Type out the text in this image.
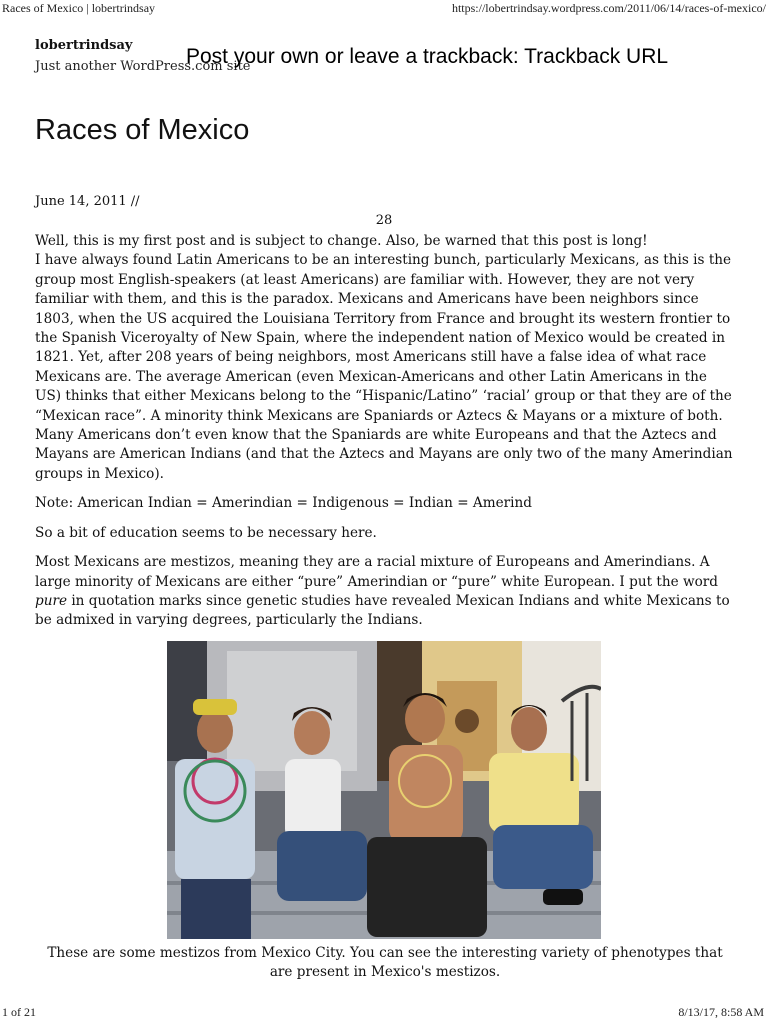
Races of Mexico | lobertrindsay	https://lobertrindsay.wordpress.com/2011/06/14/races-of-mexico/
lobertrindsay
Just another WordPress.com site
Post your own or leave a trackback: Trackback URL
Races of Mexico
June 14, 2011 //
28

Well, this is my first post and is subject to change. Also, be warned that this post is long!

I have always found Latin Americans to be an interesting bunch, particularly Mexicans, as this is the group most English-speakers (at least Americans) are familiar with. However, they are not very familiar with them, and this is the paradox. Mexicans and Americans have been neighbors since 1803, when the US acquired the Louisiana Territory from France and brought its western frontier to the Spanish Viceroyalty of New Spain, where the independent nation of Mexico would be created in 1821. Yet, after 208 years of being neighbors, most Americans still have a false idea of what race Mexicans are. The average American (even Mexican-Americans and other Latin Americans in the US) thinks that either Mexicans belong to the “Hispanic/Latino” ‘racial’ group or that they are of the “Mexican race”. A minority think Mexicans are Spaniards or Aztecs & Mayans or a mixture of both. Many Americans don’t even know that the Spaniards are white Europeans and that the Aztecs and Mayans are American Indians (and that the Aztecs and Mayans are only two of the many Amerindian groups in Mexico).

Note: American Indian = Amerindian = Indigenous = Indian = Amerind

So a bit of education seems to be necessary here.

Most Mexicans are mestizos, meaning they are a racial mixture of Europeans and Amerindians. A large minority of Mexicans are either “pure” Amerindian or “pure” white European. I put the word pure in quotation marks since genetic studies have revealed Mexican Indians and white Mexicans to be admixed in varying degrees, particularly the Indians.

These are some mestizos from Mexico City. You can see the interesting variety of phenotypes that are present in Mexico's mestizos.
1 of 21	8/13/17, 8:58 AM
